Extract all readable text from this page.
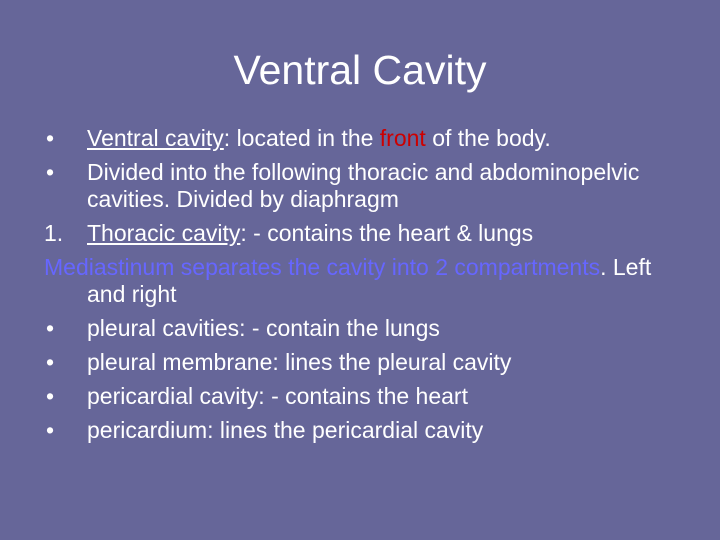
Ventral Cavity
• Ventral cavity: located in the front of the body.
• Divided into the following thoracic and abdominopelvic cavities. Divided by diaphragm
1. Thoracic cavity: - contains the heart & lungs
Mediastinum separates the cavity into 2 compartments. Left and right
• pleural cavities: - contain the lungs
• pleural membrane: lines the pleural cavity
• pericardial cavity: - contains the heart
• pericardium: lines the pericardial cavity
